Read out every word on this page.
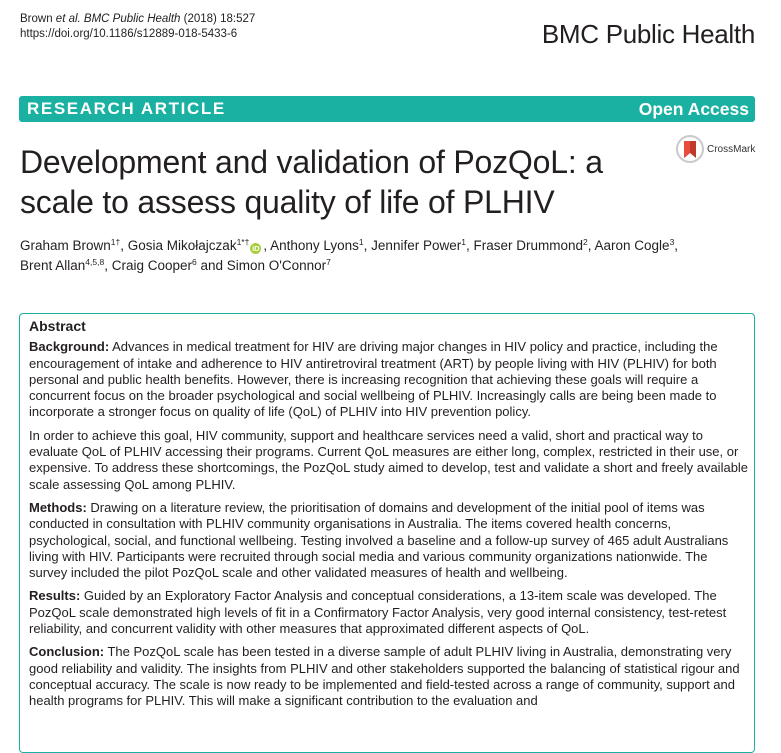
Brown et al. BMC Public Health (2018) 18:527
https://doi.org/10.1186/s12889-018-5433-6	BMC Public Health
RESEARCH ARTICLE	Open Access
Development and validation of PozQoL: a scale to assess quality of life of PLHIV
CrossMark
Graham Brown$^{1\dagger}$, Gosia Mikołajczak$^{1*\dagger}$iD , Anthony Lyons$^1$, Jennifer Power$^1$, Fraser Drummond$^2$, Aaron Cogle$^3$,
Brent Allan$^{4,5,8}$, Craig Cooper$^6$ and Simon O'Connor$^7$
Abstract

Background: Advances in medical treatment for HIV are driving major changes in HIV policy and practice, including the encouragement of intake and adherence to HIV antiretroviral treatment (ART) by people living with HIV (PLHIV) for both personal and public health benefits. However, there is increasing recognition that achieving these goals will require a concurrent focus on the broader psychological and social wellbeing of PLHIV. Increasingly calls are being been made to incorporate a stronger focus on quality of life (QoL) of PLHIV into HIV prevention policy.

In order to achieve this goal, HIV community, support and healthcare services need a valid, short and practical way to evaluate QoL of PLHIV accessing their programs. Current QoL measures are either long, complex, restricted in their use, or expensive. To address these shortcomings, the PozQoL study aimed to develop, test and validate a short and freely available scale assessing QoL among PLHIV.

Methods: Drawing on a literature review, the prioritisation of domains and development of the initial pool of items was conducted in consultation with PLHIV community organisations in Australia. The items covered health concerns, psychological, social, and functional wellbeing. Testing involved a baseline and a follow-up survey of 465 adult Australians living with HIV. Participants were recruited through social media and various community organizations nationwide. The survey included the pilot PozQoL scale and other validated measures of health and wellbeing.

Results: Guided by an Exploratory Factor Analysis and conceptual considerations, a 13-item scale was developed. The PozQoL scale demonstrated high levels of fit in a Confirmatory Factor Analysis, very good internal consistency, test-retest reliability, and concurrent validity with other measures that approximated different aspects of QoL.

Conclusion: The PozQoL scale has been tested in a diverse sample of adult PLHIV living in Australia, demonstrating very good reliability and validity. The insights from PLHIV and other stakeholders supported the balancing of statistical rigour and conceptual accuracy. The scale is now ready to be implemented and field-tested across a range of community, support and health programs for PLHIV. This will make a significant contribution to the evaluation and
